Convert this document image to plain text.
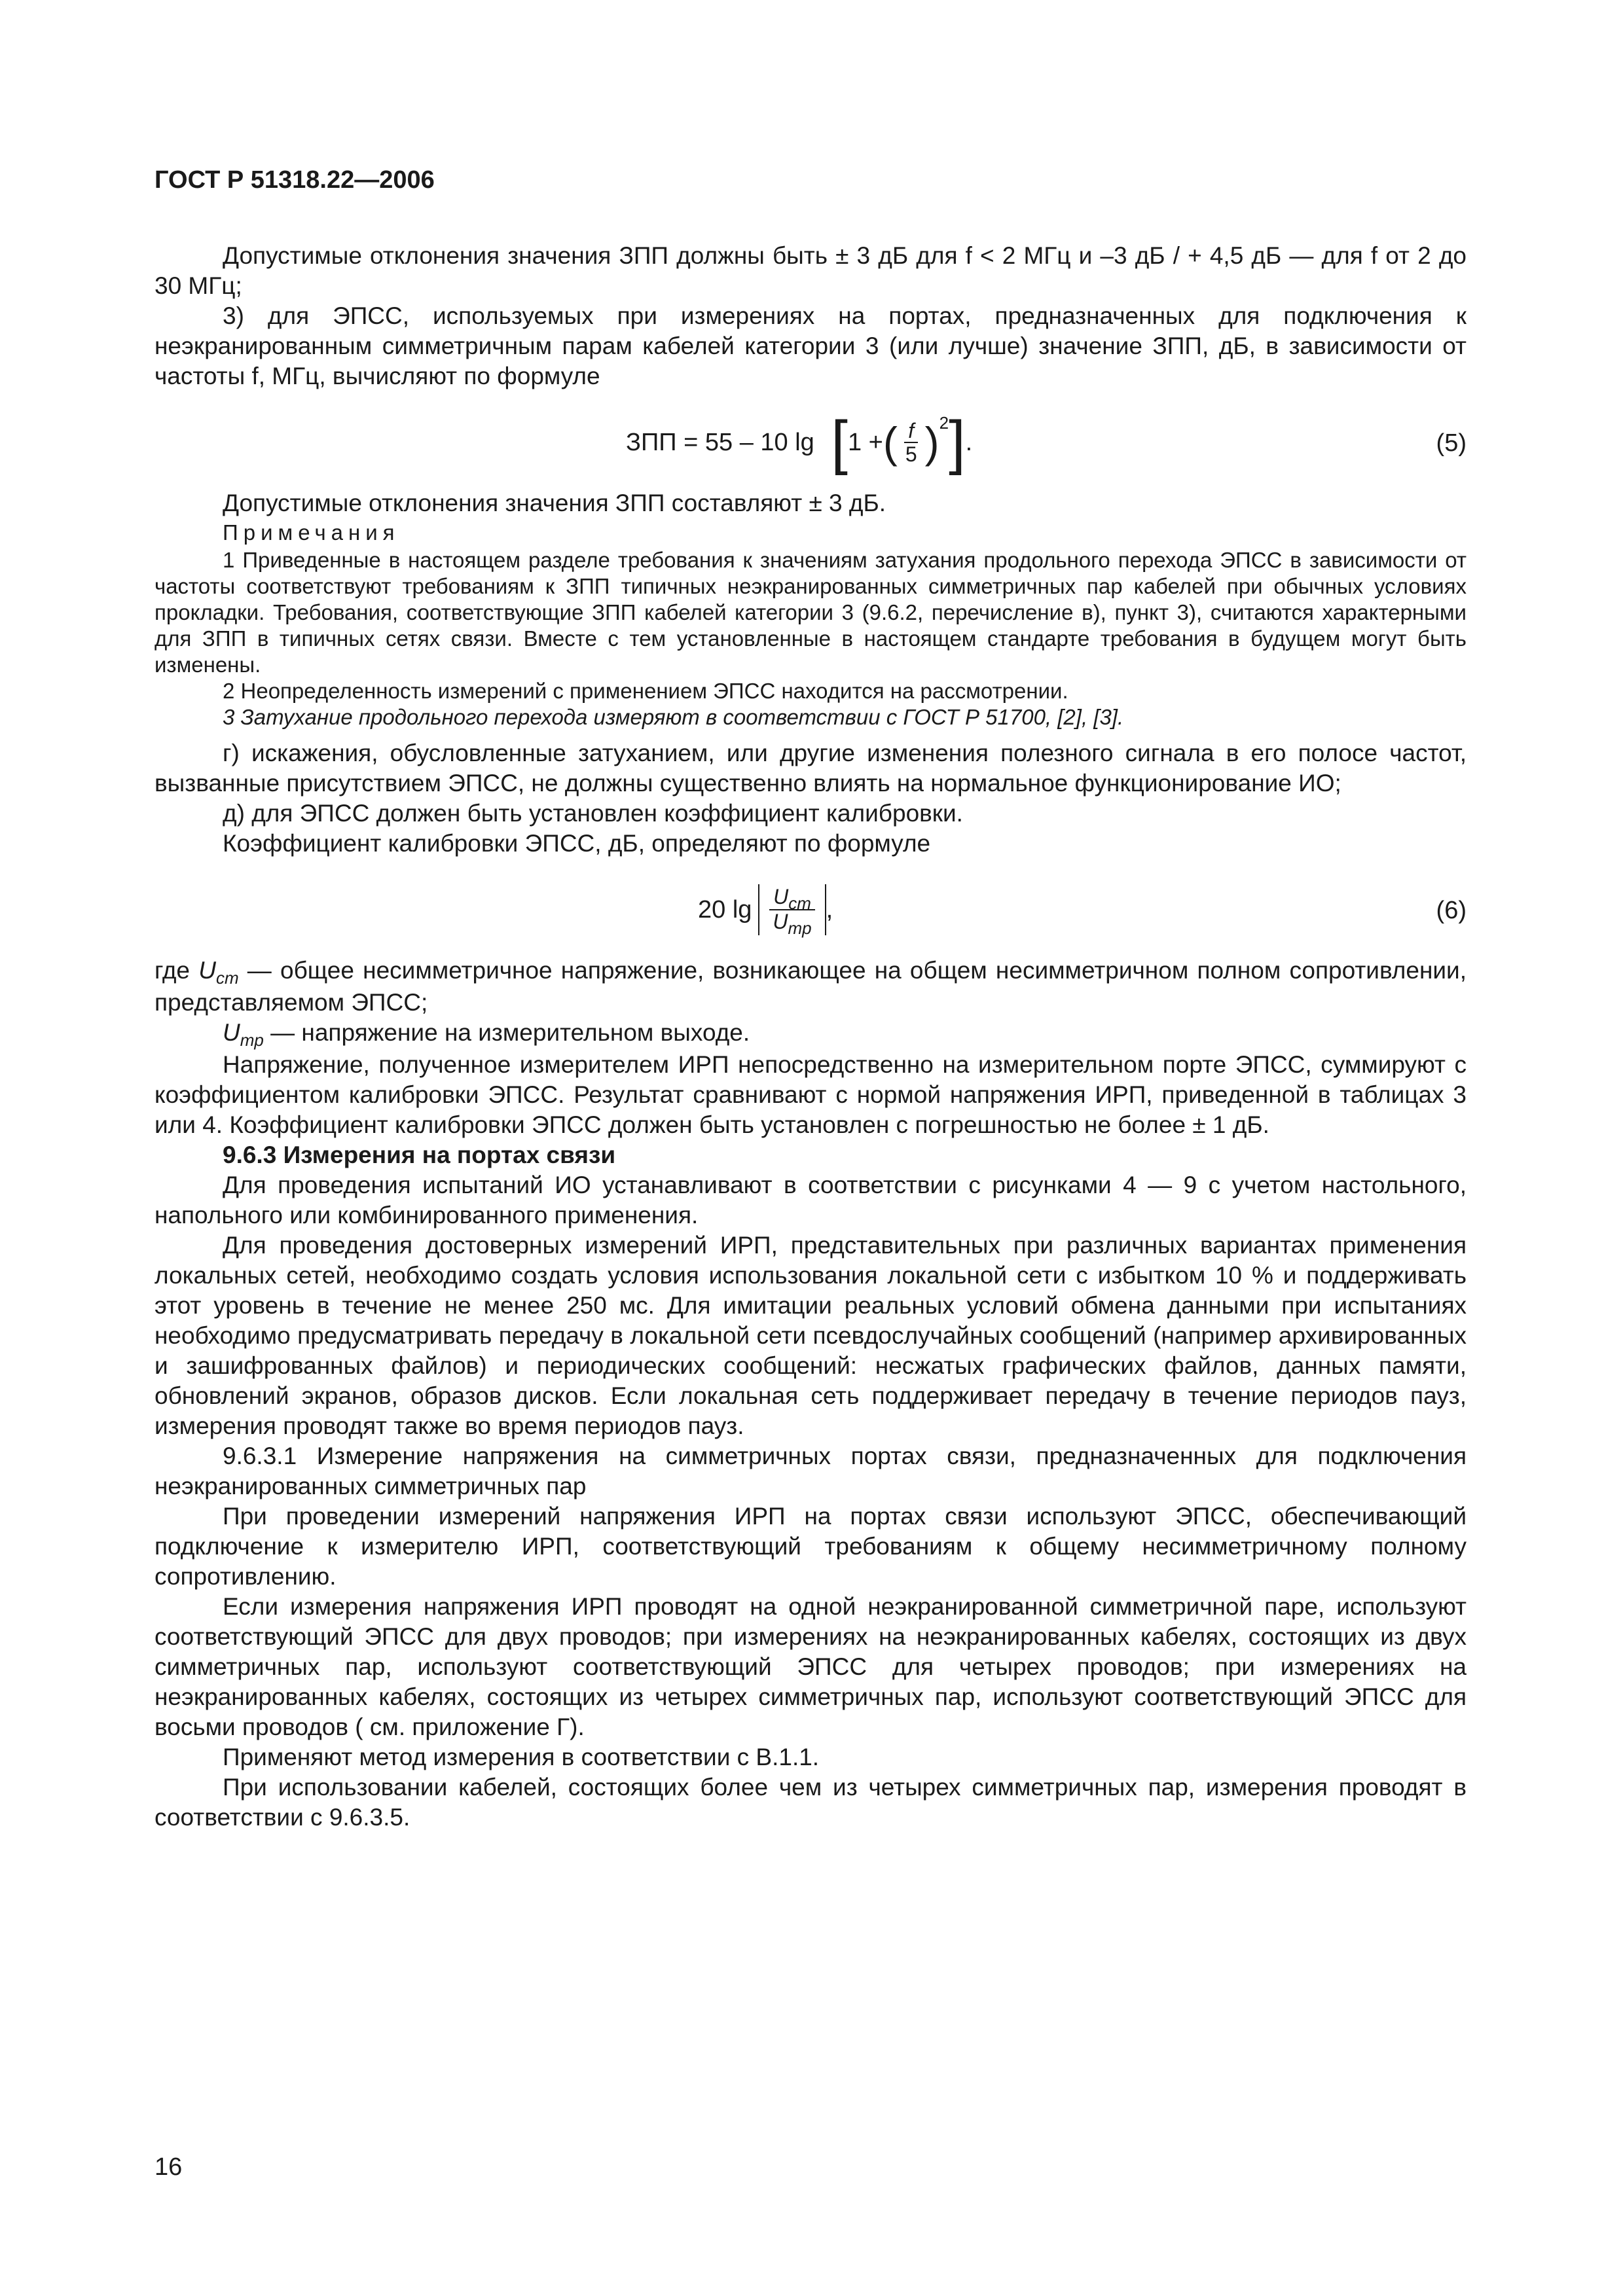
ГОСТ Р 51318.22—2006

Допустимые отклонения значения ЗПП должны быть ± 3 дБ для f < 2 МГц и –3 дБ / + 4,5 дБ — для f от 2 до 30 МГц;

3) для ЭПСС, используемых при измерениях на портах, предназначенных для подключения к неэкранированным симметричным парам кабелей категории 3 (или лучше) значение ЗПП, дБ, в зависимости от частоты f, МГц, вычисляют по формуле

ЗПП = 55 – 10 lg [ 1 + ( $\frac{f}{5}$ ) 2 ] .	(5)

Допустимые отклонения значения ЗПП составляют ± 3 дБ.

Примечания

1 Приведенные в настоящем разделе требования к значениям затухания продольного перехода ЭПСС в зависимости от частоты соответствуют требованиям к ЗПП типичных неэкранированных симметричных пар кабелей при обычных условиях прокладки. Требования, соответствующие ЗПП кабелей категории 3 (9.6.2, перечисление в), пункт 3), считаются характерными для ЗПП в типичных сетях связи. Вместе с тем установленные в настоящем стандарте требования в будущем могут быть изменены.

2 Неопределенность измерений с применением ЭПСС находится на рассмотрении.

3 Затухание продольного перехода измеряют в соответствии с ГОСТ Р 51700, [2], [3].

г) искажения, обусловленные затуханием, или другие изменения полезного сигнала в его полосе частот, вызванные присутствием ЭПСС, не должны существенно влиять на нормальное функционирование ИО;

д) для ЭПСС должен быть установлен коэффициент калибровки.

Коэффициент калибровки ЭПСС, дБ, определяют по формуле

20 $\lg \frac{U_{cm}}{U_{mp}}$ ,	(6)

где $U_{cm}$ — общее несимметричное напряжение, возникающее на общем несимметричном полном сопротивлении, представляемом ЭПСС;

$U_{mp}$ — напряжение на измерительном выходе.

Напряжение, полученное измерителем ИРП непосредственно на измерительном порте ЭПСС, суммируют с коэффициентом калибровки ЭПСС. Результат сравнивают с нормой напряжения ИРП, приведенной в таблицах 3 или 4. Коэффициент калибровки ЭПСС должен быть установлен с погрешностью не более ± 1 дБ.

9.6.3 Измерения на портах связи

Для проведения испытаний ИО устанавливают в соответствии с рисунками 4 — 9 с учетом настольного, напольного или комбинированного применения.

Для проведения достоверных измерений ИРП, представительных при различных вариантах применения локальных сетей, необходимо создать условия использования локальной сети с избытком 10 % и поддерживать этот уровень в течение не менее 250 мс. Для имитации реальных условий обмена данными при испытаниях необходимо предусматривать передачу в локальной сети псевдослучайных сообщений (например архивированных и зашифрованных файлов) и периодических сообщений: несжатых графических файлов, данных памяти, обновлений экранов, образов дисков. Если локальная сеть поддерживает передачу в течение периодов пауз, измерения проводят также во время периодов пауз.

9.6.3.1 Измерение напряжения на симметричных портах связи, предназначенных для подключения неэкранированных симметричных пар

При проведении измерений напряжения ИРП на портах связи используют ЭПСС, обеспечивающий подключение к измерителю ИРП, соответствующий требованиям к общему несимметричному полному сопротивлению.

Если измерения напряжения ИРП проводят на одной неэкранированной симметричной паре, используют соответствующий ЭПСС для двух проводов; при измерениях на неэкранированных кабелях, состоящих из двух симметричных пар, используют соответствующий ЭПСС для четырех проводов; при измерениях на неэкранированных кабелях, состоящих из четырех симметричных пар, используют соответствующий ЭПСС для восьми проводов ( см. приложение Г).

Применяют метод измерения в соответствии с В.1.1.

При использовании кабелей, состоящих более чем из четырех симметричных пар, измерения проводят в соответствии с 9.6.3.5.

16
